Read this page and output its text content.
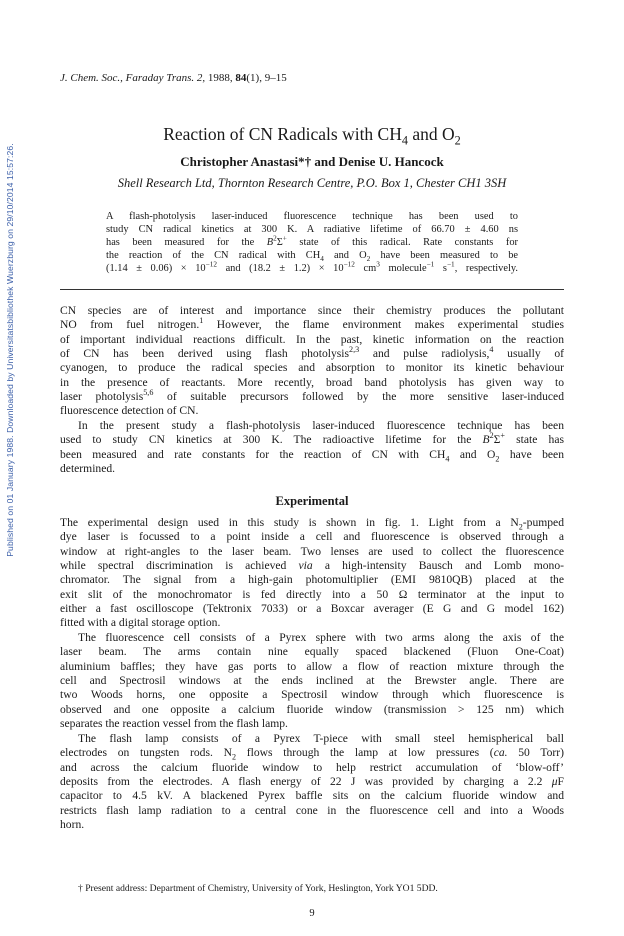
Published on 01 January 1988. Downloaded by Universitatsbibliothek Wuerzburg on 29/10/2014 15:57:26.
J. Chem. Soc., Faraday Trans. 2, 1988, 84(1), 9–15
Reaction of CN Radicals with $CH_4$ and $O_2$
Christopher Anastasi*† and Denise U. Hancock
Shell Research Ltd, Thornton Research Centre, P.O. Box 1, Chester CH1 3SH
A flash-photolysis laser-induced fluorescence technique has been used to
study CN radical kinetics at 300 K. A radiative lifetime of 66.70 ± 4.60 ns
has been measured for the $B^2\Sigma^+$ state of this radical. Rate constants for
the reaction of the CN radical with $CH_4$ and $O_2$ have been measured to be
$(1.14 \pm 0.06) \times 10^{-12}$ and $(18.2 \pm 1.2) \times 10^{-12}$ $cm^3$ molecule$^{-1}$ $s^{-1}$, respectively.
CN species are of interest and importance since their chemistry produces the pollutant
NO from fuel nitrogen.$^1$ However, the flame environment makes experimental studies
of important individual reactions difficult. In the past, kinetic information on the reaction
of CN has been derived using flash photolysis$^{2,3}$ and pulse radiolysis,$^4$ usually of
cyanogen, to produce the radical species and absorption to monitor its kinetic behaviour
in the presence of reactants. More recently, broad band photolysis has given way to
laser photolysis$^{5,6}$ of suitable precursors followed by the more sensitive laser-induced
fluorescence detection of CN.
In the present study a flash-photolysis laser-induced fluorescence technique has been
used to study CN kinetics at 300 K. The radioactive lifetime for the $B^2\Sigma^+$ state has
been measured and rate constants for the reaction of CN with $CH_4$ and $O_2$ have been
determined.
Experimental
The experimental design used in this study is shown in fig. 1. Light from a $N_2$-pumped
dye laser is focussed to a point inside a cell and fluorescence is observed through a
window at right-angles to the laser beam. Two lenses are used to collect the fluorescence
while spectral discrimination is achieved via a high-intensity Bausch and Lomb mono-
chromator. The signal from a high-gain photomultiplier (EMI 9810QB) placed at the
exit slit of the monochromator is fed directly into a 50 Ω terminator at the input to
either a fast oscilloscope (Tektronix 7033) or a Boxcar averager (E G and G model 162)
fitted with a digital storage option.
The fluorescence cell consists of a Pyrex sphere with two arms along the axis of the
laser beam. The arms contain nine equally spaced blackened (Fluon One-Coat)
aluminium baffles; they have gas ports to allow a flow of reaction mixture through the
cell and Spectrosil windows at the ends inclined at the Brewster angle. There are
two Woods horns, one opposite a Spectrosil window through which fluorescence is
observed and one opposite a calcium fluoride window (transmission > 125 nm) which
separates the reaction vessel from the flash lamp.
The flash lamp consists of a Pyrex T-piece with small steel hemispherical ball
electrodes on tungsten rods. $N_2$ flows through the lamp at low pressures (ca. 50 Torr)
and across the calcium fluoride window to help restrict accumulation of ‘blow-off’
deposits from the electrodes. A flash energy of 22 J was provided by charging a 2.2 μF
capacitor to 4.5 kV. A blackened Pyrex baffle sits on the calcium fluoride window and
restricts flash lamp radiation to a central cone in the fluorescence cell and into a Woods
horn.
† Present address: Department of Chemistry, University of York, Heslington, York YO1 5DD.
9
